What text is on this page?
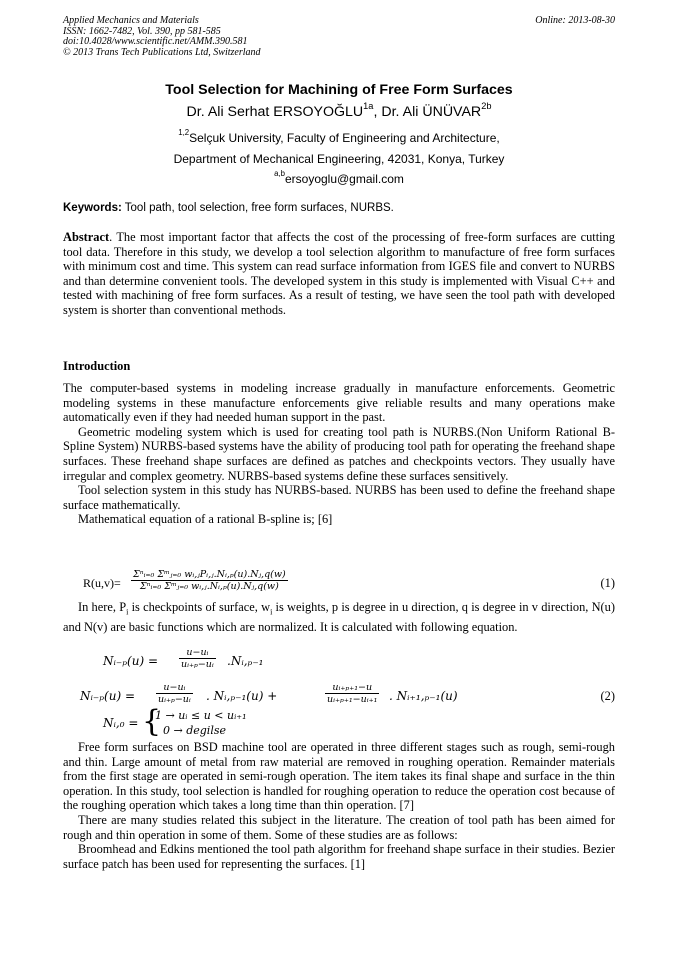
Applied Mechanics and Materials
ISSN: 1662-7482, Vol. 390, pp 581-585
doi:10.4028/www.scientific.net/AMM.390.581
© 2013 Trans Tech Publications Ltd, Switzerland
Online: 2013-08-30
Tool Selection for Machining of Free Form Surfaces
Dr. Ali Serhat $ERSOYOĞLU^{1a}$, Dr. Ali $ÜNÜVAR^{2b}$
$^{1,2}$Selçuk University, Faculty of Engineering and Architecture,
Department of Mechanical Engineering, 42031, Konya, Turkey
$^{a,b}$ersoyoglu@gmail.com
Keywords: Tool path, tool selection, free form surfaces, NURBS.
Abstract. The most important factor that affects the cost of the processing of free-form surfaces are cutting tool data. Therefore in this study, we develop a tool selection algorithm to manufacture of free form surfaces with minimum cost and time. This system can read surface information from IGES file and convert to NURBS and than determine convenient tools. The developed system in this study is implemented with Visual C++ and tested with machining of free form surfaces. As a result of testing, we have seen the tool path with developed system is shorter than conventional methods.
Introduction

The computer-based systems in modeling increase gradually in manufacture enforcements. Geometric modeling systems in these manufacture enforcements give reliable results and many operations make automatically even if they had needed human support in the past.

Geometric modeling system which is used for creating tool path is NURBS.(Non Uniform Rational B-Spline System) NURBS-based systems have the ability of producing tool path for operating the freehand shape surfaces. These freehand shape surfaces are defined as patches and checkpoints vectors. They usually have irregular and complex geometry. NURBS-based systems define these surfaces sensitively.

Tool selection system in this study has NURBS-based. NURBS has been used to define the freehand shape surface mathematically.

Mathematical equation of a rational B-spline is; [6]

R(u,v)=
Σⁿᵢ₌₀ Σᵐⱼ₌₀ wᵢ,ⱼPᵢ,ⱼ.Nᵢ,ₚ(u).Nⱼ,q(w)
Σⁿᵢ₌₀ Σᵐⱼ₌₀ wᵢ,ⱼ.Nᵢ,ₚ(u).Nⱼ,q(w)	(1)

In here, $P_i$ is checkpoints of surface, $w_i$ is weights, p is degree in u direction, q is degree in v direction, N(u) and N(v) are basic functions which are normalized. It is calculated with following equation.

Nᵢ₋ₚ(u) = $\frac{\text{u−uᵢ}}{\text{uᵢ₊ₚ−uᵢ}}$ .Nᵢ,ₚ₋₁
Nᵢ₋ₚ(u) = $\frac{\text{u−uᵢ}}{\text{uᵢ₊ₚ−uᵢ}}$ . Nᵢ,ₚ₋₁(u) +	$\frac{\text{uᵢ₊ₚ₊₁−u}}{\text{uᵢ₊ₚ₊₁−uᵢ₊₁}}$ . Nᵢ₊₁,ₚ₋₁(u)	(2)
Nᵢ,₀ = {
1 → uᵢ ≤ u < uᵢ₊₁
0 → degilse

Free form surfaces on BSD machine tool are operated in three different stages such as rough, semi-rough and thin. Large amount of metal from raw material are removed in roughing operation. Remainder materials from the first stage are operated in semi-rough operation. The item takes its final shape and surface in the thin operation. In this study, tool selection is handled for roughing operation to reduce the operation cost because of the roughing operation which takes a long time than thin operation. [7]

There are many studies related this subject in the literature. The creation of tool path has been aimed for rough and thin operation in some of them. Some of these studies are as follows:

Broomhead and Edkins mentioned the tool path algorithm for freehand shape surface in their studies. Bezier surface patch has been used for representing the surfaces. [1]
